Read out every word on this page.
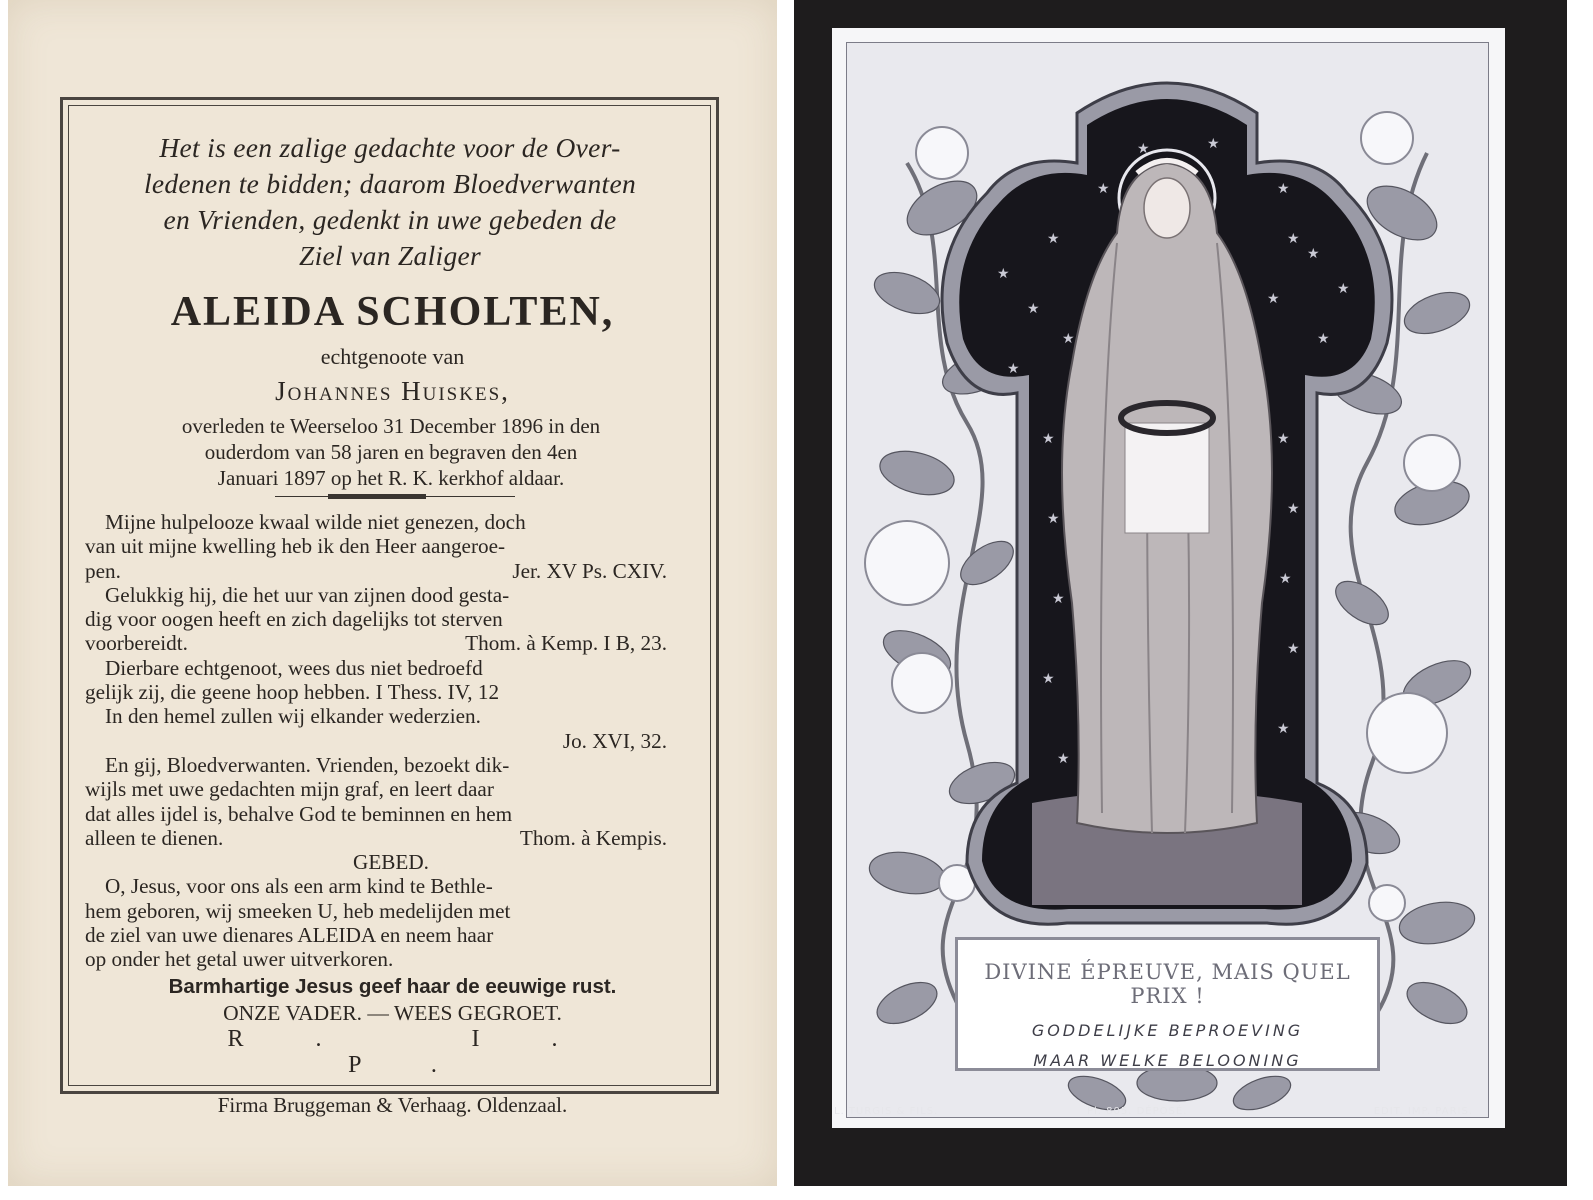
Het is een zalige gedachte voor de Over-
ledenen te bidden; daarom Bloedverwanten
en Vrienden, gedenkt in uwe gebeden de
Ziel van Zaliger
ALEIDA SCHOLTEN,
echtgenoote van
Johannes Huiskes,
overleden te Weerseloo 31 December 1896 in den
ouderdom van 58 jaren en begraven den 4en
Januari 1897 op het R. K. kerkhof aldaar.
Mijne hulpelooze kwaal wilde niet genezen, doch
van uit mijne kwelling heb ik den Heer aangeroe-
pen.	Jer. XV Ps. CXIV.
Gelukkig hij, die het uur van zijnen dood gesta-
dig voor oogen heeft en zich dagelijks tot sterven
voorbereidt.	Thom. à Kemp. I B, 23.
Dierbare echtgenoot, wees dus niet bedroefd
gelijk zij, die geene hoop hebben. I Thess. IV, 12
In den hemel zullen wij elkander wederzien.
Jo. XVI, 32.
En gij, Bloedverwanten. Vrienden, bezoekt dik-
wijls met uwe gedachten mijn graf, en leert daar
dat alles ijdel is, behalve God te beminnen en hem
alleen te dienen.	Thom. à Kempis.
GEBED.
O, Jesus, voor ons als een arm kind te Bethle-
hem geboren, wij smeeken U, heb medelijden met
de ziel van uwe dienares ALEIDA en neem haar
op onder het getal uwer uitverkoren.
Barmhartige Jesus geef haar de eeuwige rust.
ONZE VADER. — WEES GEGROET.
R. I. P.
Firma Bruggeman & Verhaag. Oldenzaal.
★
★
★
★
★
★
★
★
★
★
★
★
★
★
★
★
★
★
★
★
★
★
★	★
DIVINE ÉPREUVE, MAIS QUEL PRIX !
GODDELIJKE BEPROEVING
MAAR WELKE BELOONING
L. TURGIS & FILS.	Pl. 805. DÉPOSÉ.	EDIT. IMP. PARIS.
